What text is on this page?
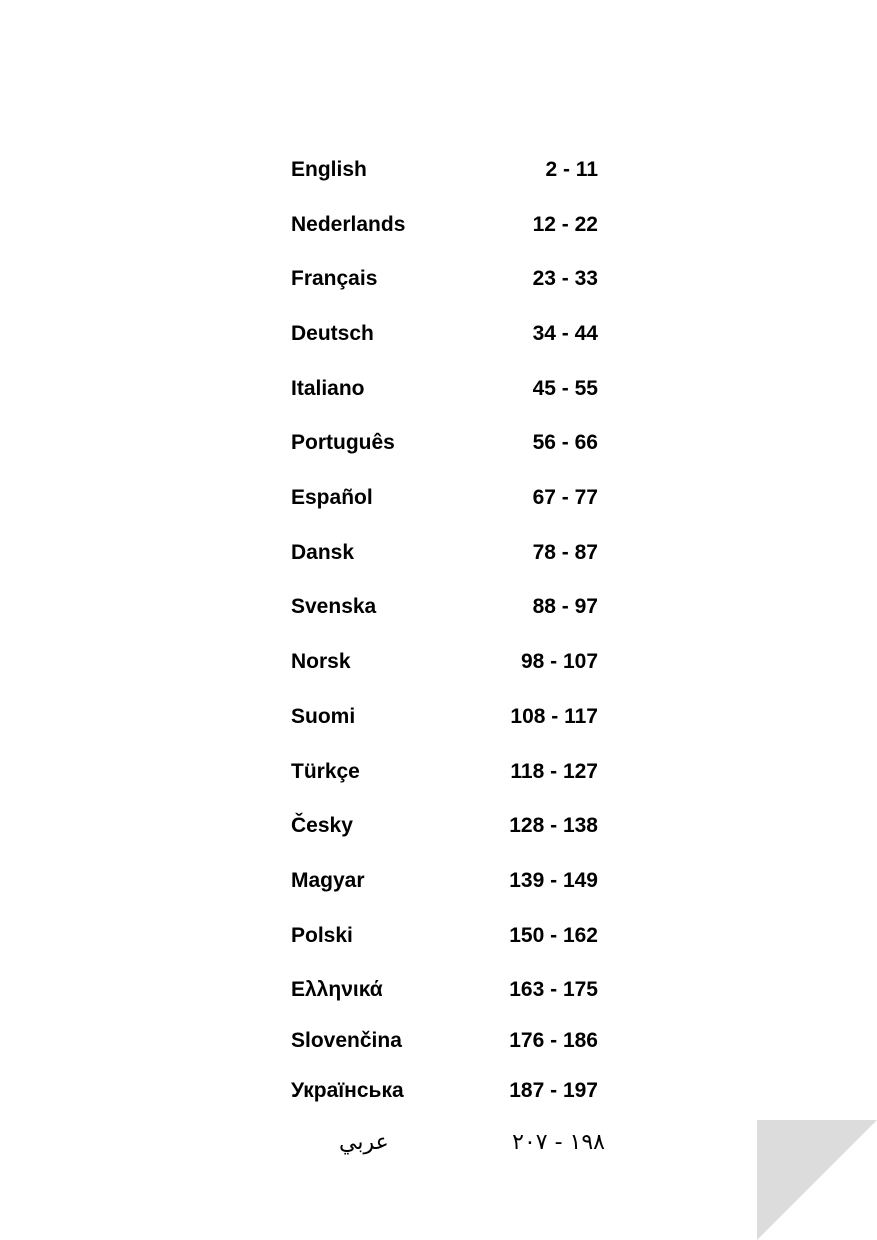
English	2 - 11
Nederlands	12 - 22
Français	23 - 33
Deutsch	34 - 44
Italiano	45 - 55
Português	56 - 66
Español	67 - 77
Dansk	78 - 87
Svenska	88 - 97
Norsk	98 - 107
Suomi	108 - 117
Türkçe	118 - 127
Česky	128 - 138
Magyar	139 - 149
Polski	150 - 162
Ελληνικά	163 - 175
Slovenčina	176 - 186
Українська	187 - 197
عربي	١٩٨ - ٢٠٧
